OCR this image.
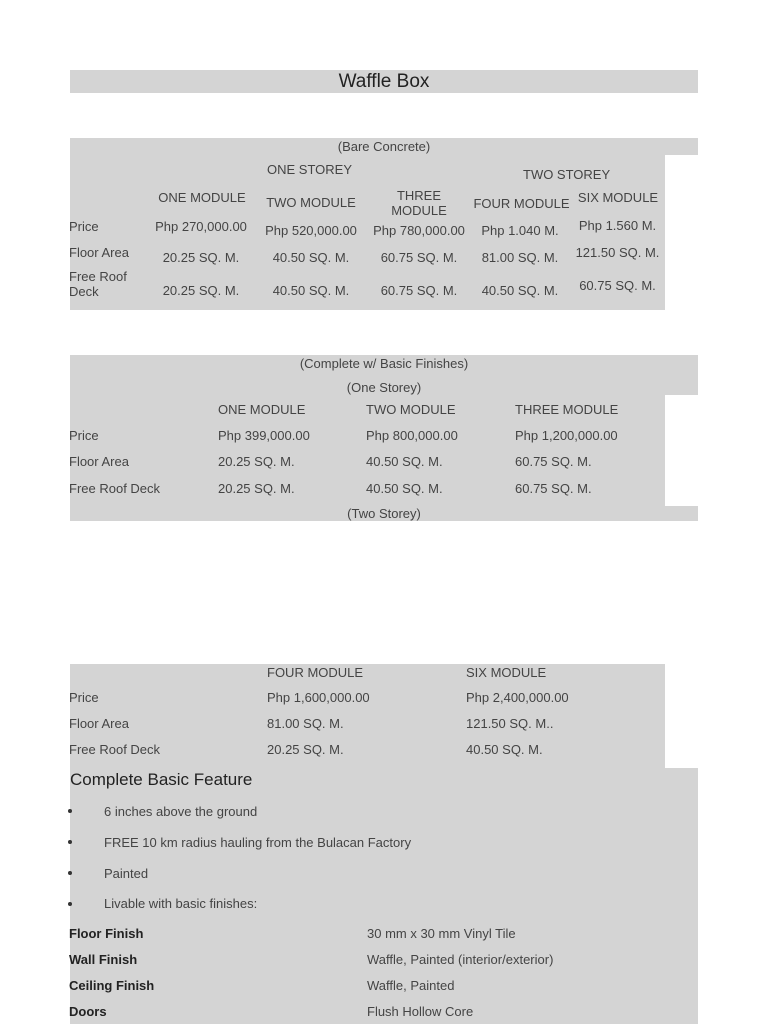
Waffle Box
(Bare Concrete)
ONE STOREY	TWO STOREY
ONE MODULE	TWO MODULE	THREE MODULE	FOUR MODULE SIX MODULE
Price	Php 270,000.00	Php 520,000.00	Php 780,000.00	Php 1.040 M.	Php 1.560 M.
Floor Area	20.25 SQ. M.	40.50 SQ. M.	60.75 SQ. M.	81.00 SQ. M.	121.50 SQ. M.
Free Roof Deck	20.25 SQ. M.	40.50 SQ. M.	60.75 SQ. M.	40.50 SQ. M.	60.75 SQ. M.
(Complete w/ Basic Finishes)
(One Storey)
ONE MODULE	TWO MODULE	THREE MODULE
Price	Php 399,000.00	Php 800,000.00	Php 1,200,000.00
Floor Area	20.25 SQ. M.	40.50 SQ. M.	60.75 SQ. M.
Free Roof Deck	20.25 SQ. M.	40.50 SQ. M.	60.75 SQ. M.
(Two Storey)
FOUR MODULE	SIX MODULE
Price	Php 1,600,000.00	Php 2,400,000.00
Floor Area	81.00 SQ. M.	121.50 SQ. M..
Free Roof Deck	20.25 SQ. M.	40.50 SQ. M.
Complete Basic Feature
6 inches above the ground
FREE 10 km radius hauling from the Bulacan Factory
Painted
Livable with basic finishes:
Floor Finish	30 mm x 30 mm Vinyl Tile
Wall Finish	Waffle, Painted (interior/exterior)
Ceiling Finish	Waffle, Painted
Doors	Flush Hollow Core
